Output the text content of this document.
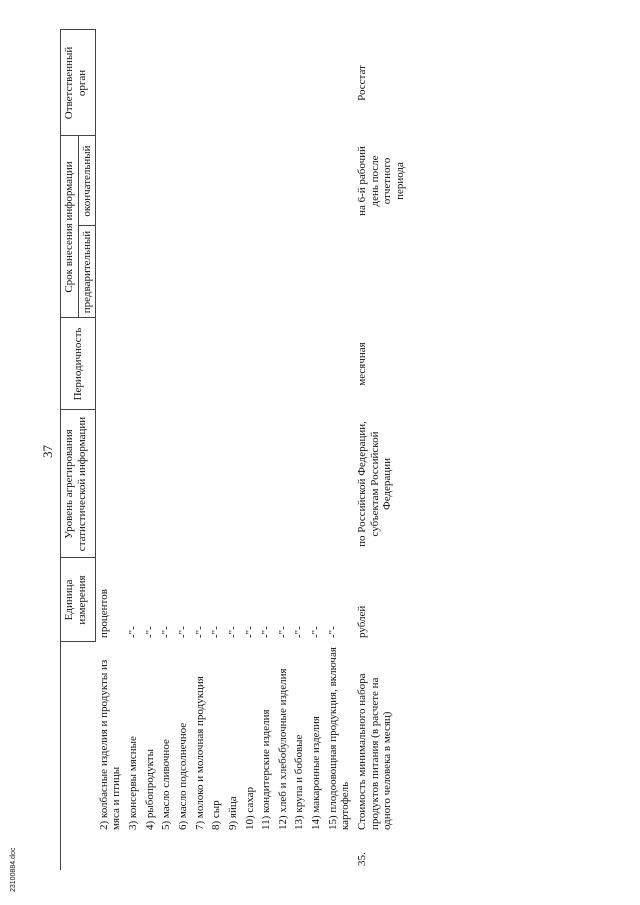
37
		Единица измерения	Уровень агрегирования статистической информации	Периодичность	Срок внесения информации		Ответственный орган
					предварительный	окончательный	
	2) колбасные изделия и продукты из мяса и птицы	процентов					
	3) консервы мясные	-"-					
	4) рыбопродукты	-"-					
	5) масло сливочное	-"-					
	6) масло подсолнечное	-"-					
	7) молоко и молочная продукция	-"-					
	8) сыр	-"-					
	9) яйца	-"-					
	10) сахар	-"-					
	11) кондитерские изделия	-"-					
	12) хлеб и хлебобулочные изделия	-"-					
	13) крупа и бобовые	-"-					
	14) макаронные изделия	-"-					
	15) плодоовощная продукция, включая картофель	-"-					
35.	Стоимость минимального набора продуктов питания (в расчете на одного человека в месяц)	рублей	по Российской Федерации, субъектам Российской Федерации	месячная		на 6-й рабочий день после отчетного периода	Росстат
23100884.doc
